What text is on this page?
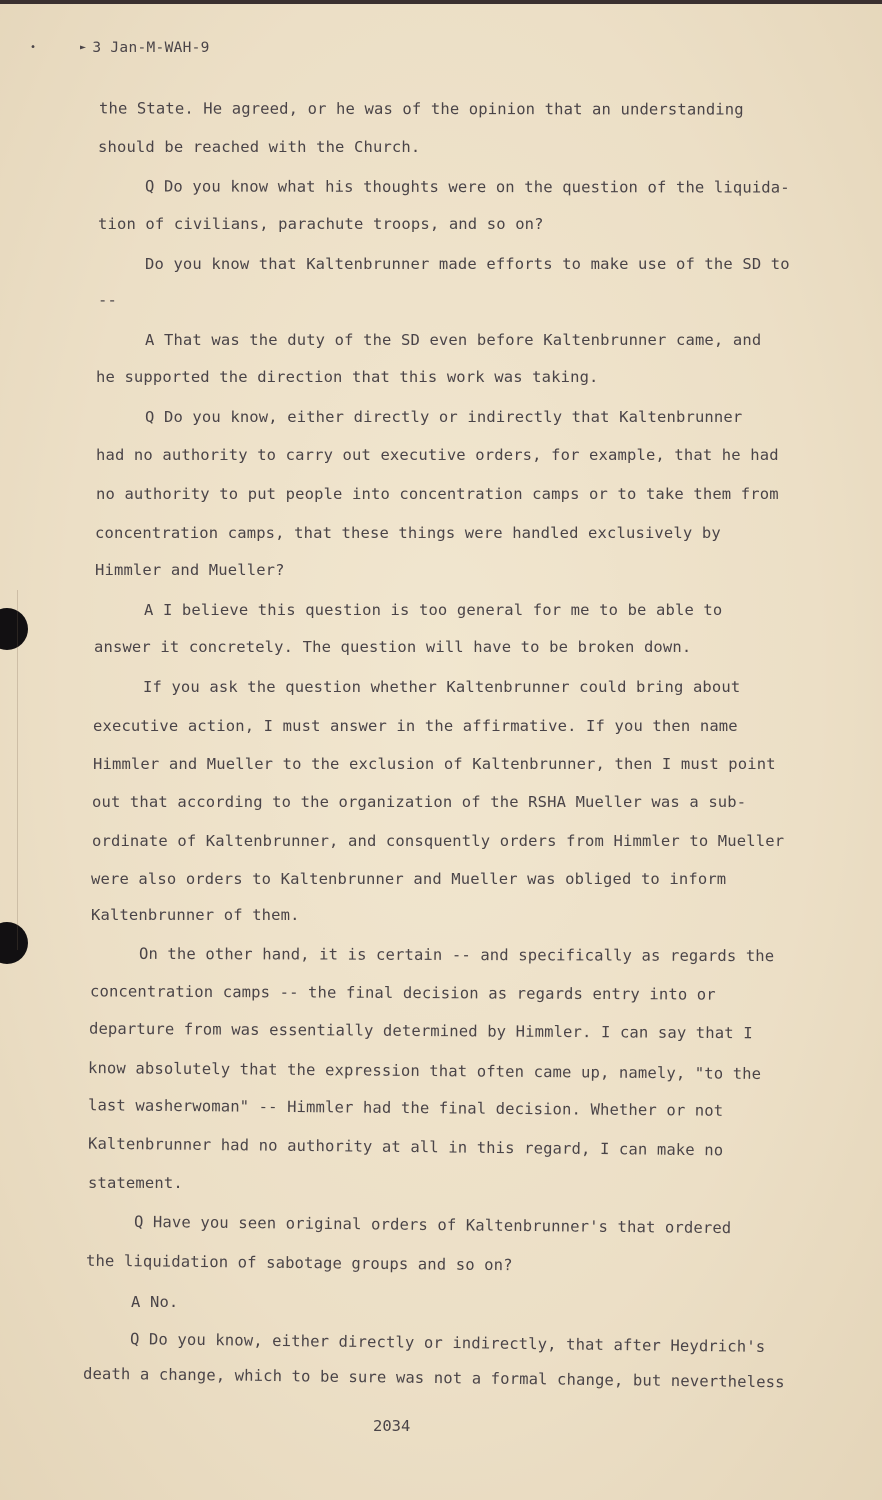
•	► 3 Jan-M-WAH-9
the State. He agreed, or he was of the opinion that an understanding
should be reached with the Church.
Q Do you know what his thoughts were on the question of the liquida-
tion of civilians, parachute troops, and so on?
Do you know that Kaltenbrunner made efforts to make use of the SD to
--
A That was the duty of the SD even before Kaltenbrunner came, and
he supported the direction that this work was taking.
Q Do you know, either directly or indirectly that Kaltenbrunner
had no authority to carry out executive orders, for example, that he had
no authority to put people into concentration camps or to take them from
concentration camps, that these things were handled exclusively by
Himmler and Mueller?
A I believe this question is too general for me to be able to
answer it concretely. The question will have to be broken down.
If you ask the question whether Kaltenbrunner could bring about
executive action, I must answer in the affirmative. If you then name
Himmler and Mueller to the exclusion of Kaltenbrunner, then I must point
out that according to the organization of the RSHA Mueller was a sub-
ordinate of Kaltenbrunner, and consquently orders from Himmler to Mueller
were also orders to Kaltenbrunner and Mueller was obliged to inform
Kaltenbrunner of them.
On the other hand, it is certain -- and specifically as regards the
concentration camps -- the final decision as regards entry into or
departure from was essentially determined by Himmler. I can say that I
know absolutely that the expression that often came up, namely, "to the
last washerwoman" -- Himmler had the final decision. Whether or not
Kaltenbrunner had no authority at all in this regard, I can make no
statement.
Q Have you seen original orders of Kaltenbrunner's that ordered
the liquidation of sabotage groups and so on?
A No.
Q Do you know, either directly or indirectly, that after Heydrich's
death a change, which to be sure was not a formal change, but nevertheless
2034
